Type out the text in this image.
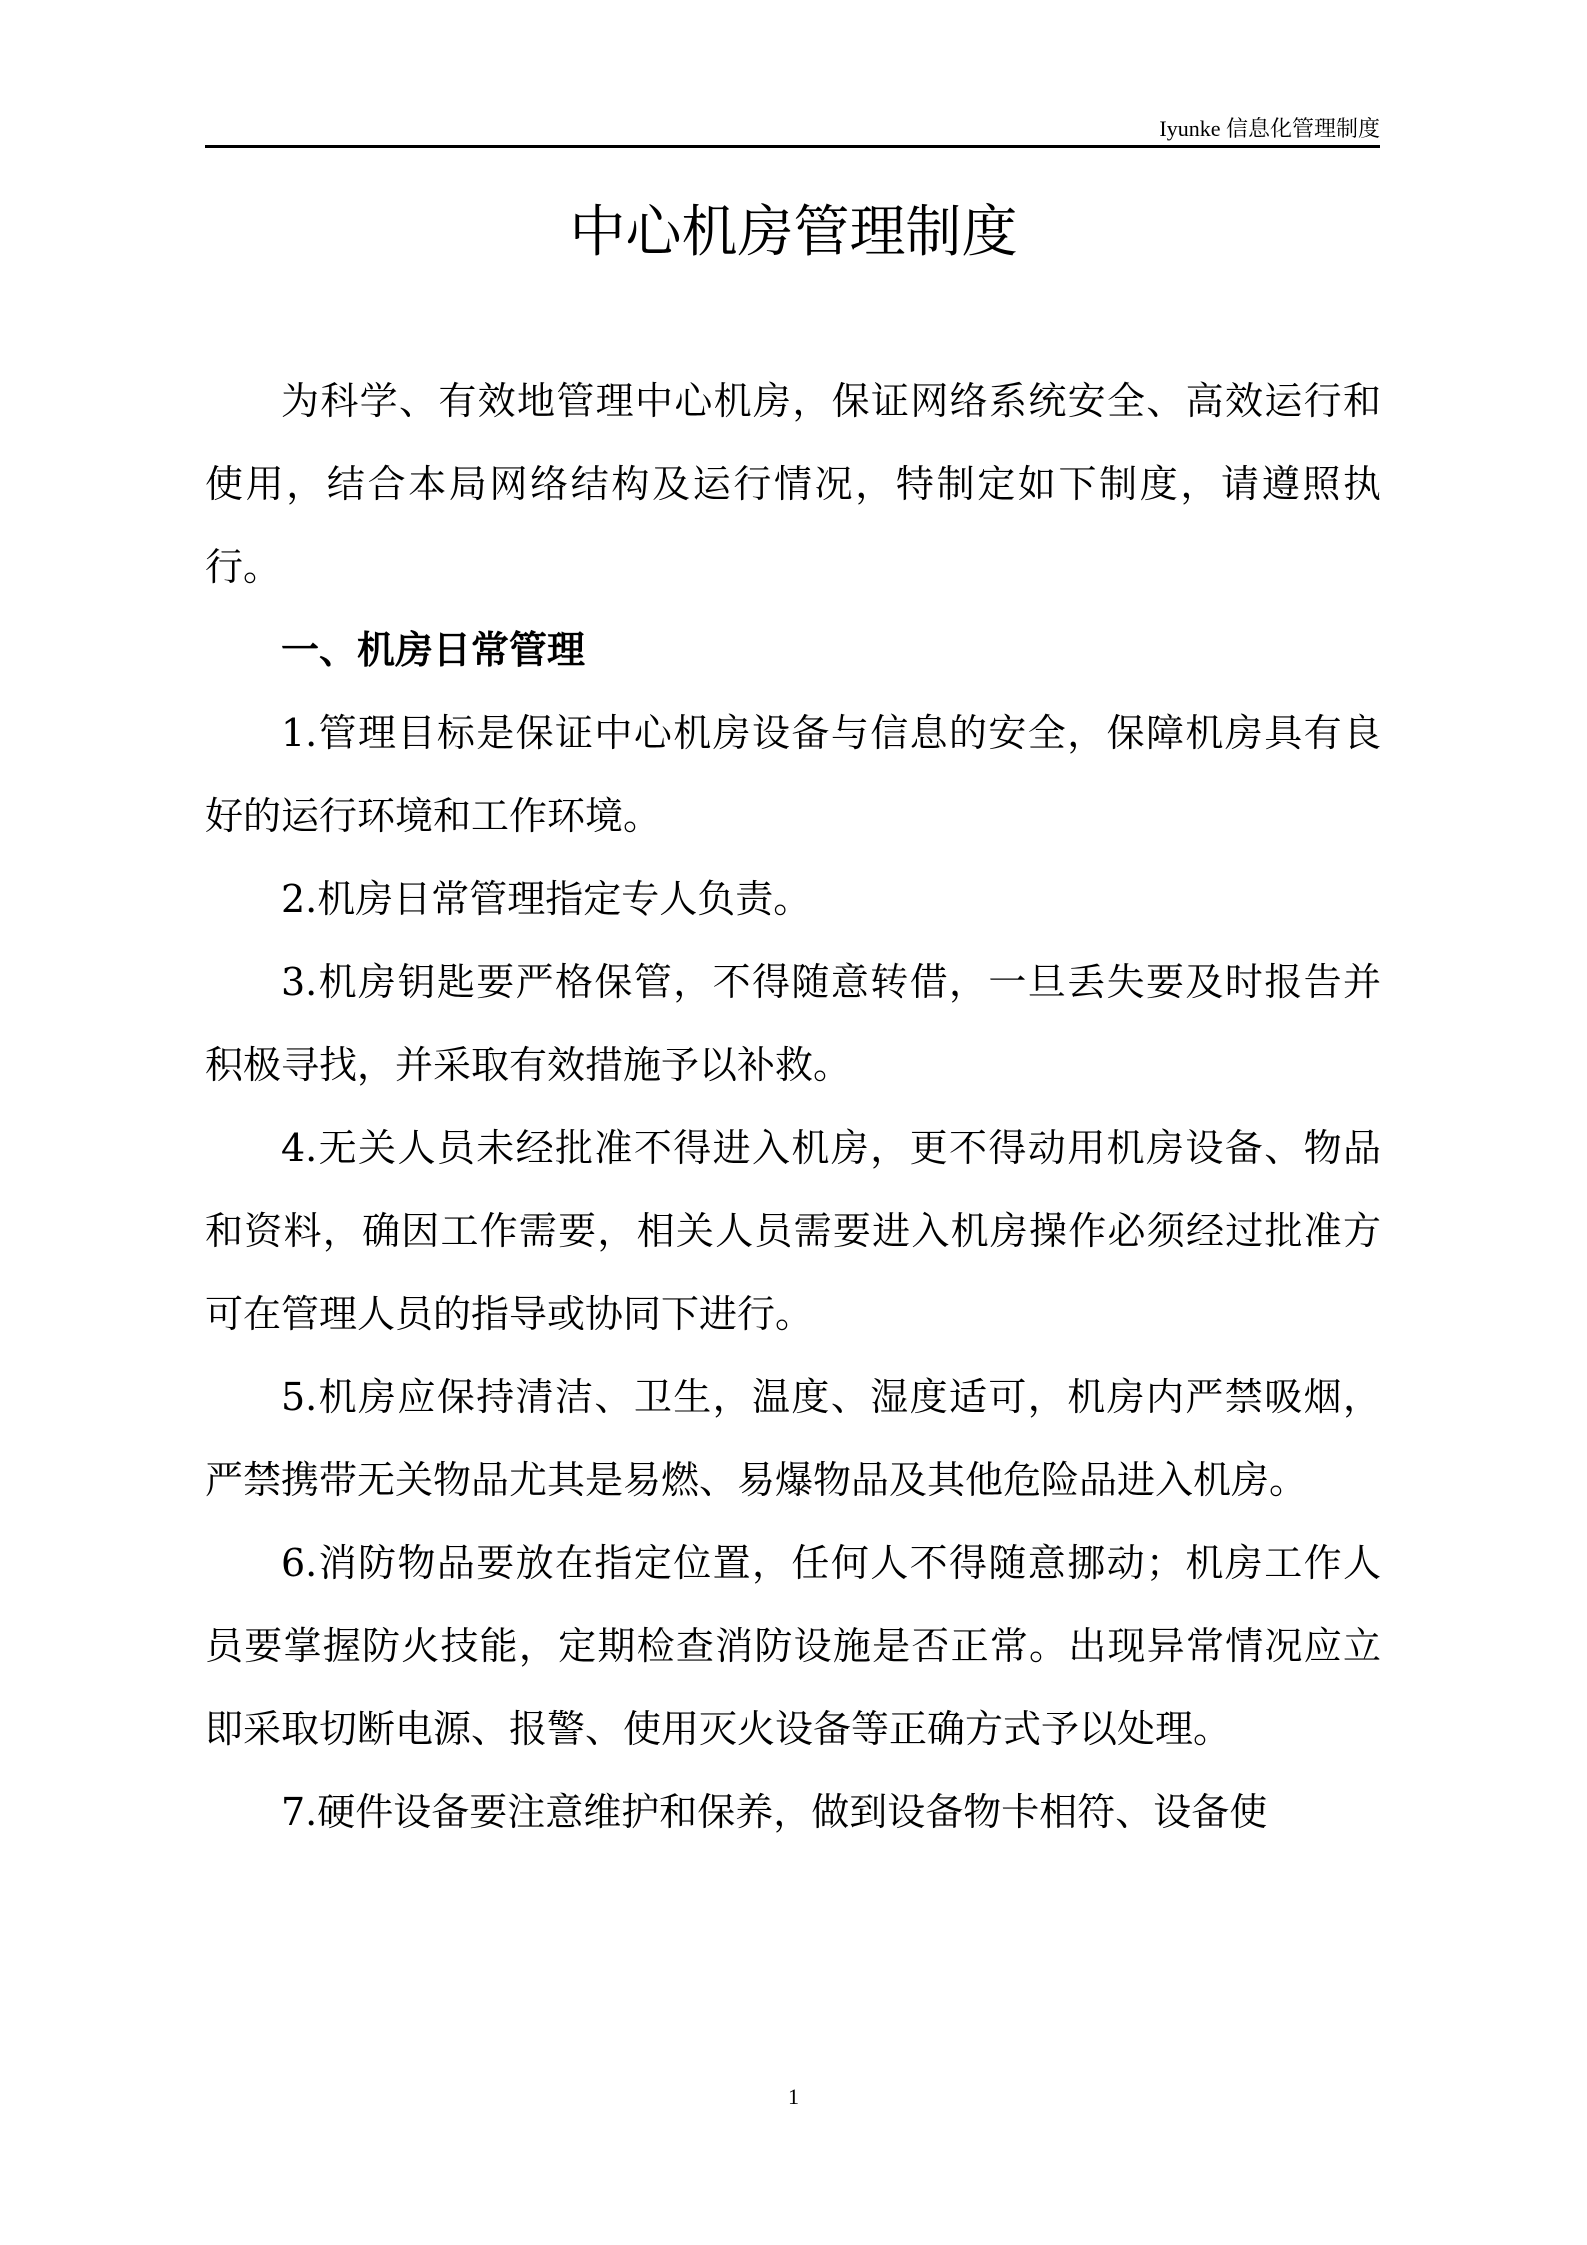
Iyunke 信息化管理制度
中心机房管理制度

为科学、有效地管理中心机房，保证网络系统安全、高效运行和使用，结合本局网络结构及运行情况，特制定如下制度，请遵照执行。

一、机房日常管理

1.管理目标是保证中心机房设备与信息的安全，保障机房具有良好的运行环境和工作环境。

2.机房日常管理指定专人负责。

3.机房钥匙要严格保管，不得随意转借，一旦丢失要及时报告并积极寻找，并采取有效措施予以补救。

4.无关人员未经批准不得进入机房，更不得动用机房设备、物品和资料，确因工作需要，相关人员需要进入机房操作必须经过批准方可在管理人员的指导或协同下进行。

5.机房应保持清洁、卫生，温度、湿度适可，机房内严禁吸烟，严禁携带无关物品尤其是易燃、易爆物品及其他危险品进入机房。

6.消防物品要放在指定位置，任何人不得随意挪动；机房工作人员要掌握防火技能，定期检查消防设施是否正常。出现异常情况应立即采取切断电源、报警、使用灭火设备等正确方式予以处理。

7.硬件设备要注意维护和保养，做到设备物卡相符、设备使

1
